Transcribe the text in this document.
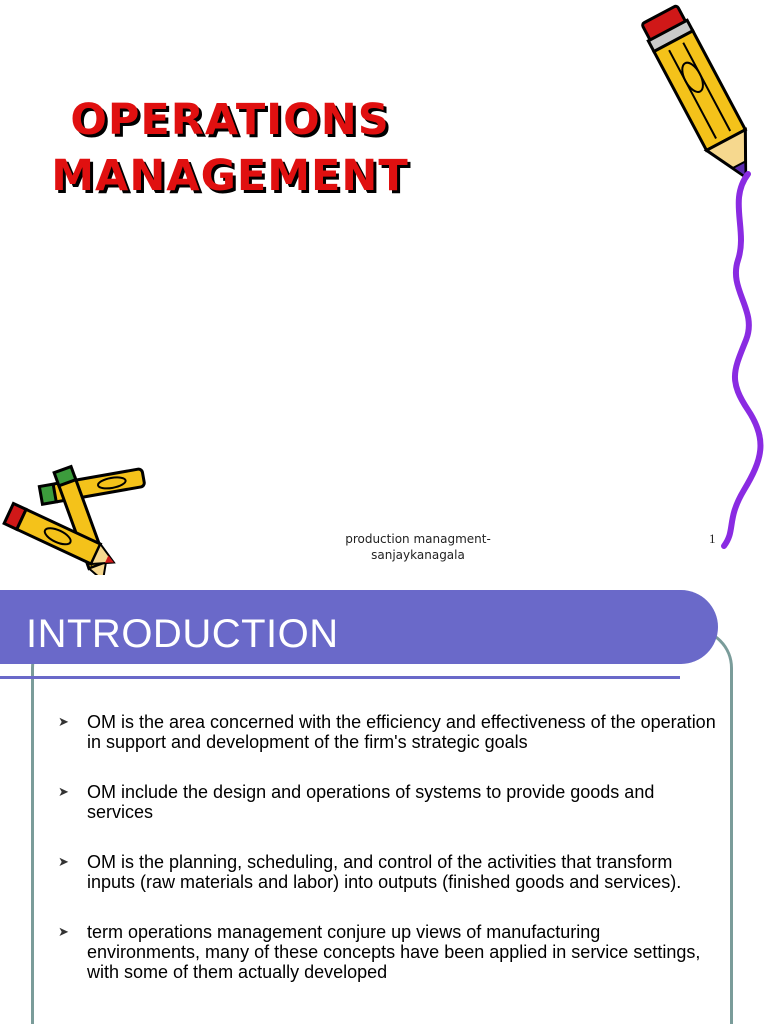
OPERATIONS
MANAGEMENT
production managment-
sanjaykanagala
1
INTRODUCTION
➤ OM is the area concerned with the efficiency and effectiveness of the operation in support and development of the firm's strategic goals
➤ OM include the design and operations of systems to provide goods and services
➤ OM is the planning, scheduling, and control of the activities that transform inputs (raw materials and labor) into outputs (finished goods and services).
➤ term operations management conjure up views of manufacturing environments, many of these concepts have been applied in service settings, with some of them actually developed
